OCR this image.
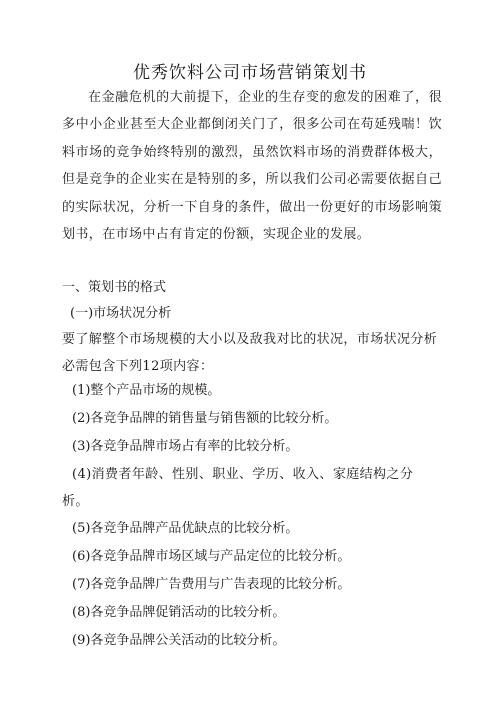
优秀饮料公司市场营销策划书

在金融危机的大前提下，企业的生存变的愈发的困难了，很多中小企业甚至大企业都倒闭关门了，很多公司在苟延残喘！饮料市场的竞争始终特别的激烈，虽然饮料市场的消费群体极大，但是竞争的企业实在是特别的多，所以我们公司必需要依据自己的实际状况，分析一下自身的条件，做出一份更好的市场影响策划书，在市场中占有肯定的份额，实现企业的发展。

一、策划书的格式

(一)市场状况分析

要了解整个市场规模的大小以及敌我对比的状况，市场状况分析必需包含下列12项内容：

(1)整个产品市场的规模。

(2)各竞争品牌的销售量与销售额的比较分析。

(3)各竞争品牌市场占有率的比较分析。

(4)消费者年龄、性别、职业、学历、收入、家庭结构之分析。

(5)各竞争品牌产品优缺点的比较分析。

(6)各竞争品牌市场区域与产品定位的比较分析。

(7)各竞争品牌广告费用与广告表现的比较分析。

(8)各竞争品牌促销活动的比较分析。

(9)各竞争品牌公关活动的比较分析。
